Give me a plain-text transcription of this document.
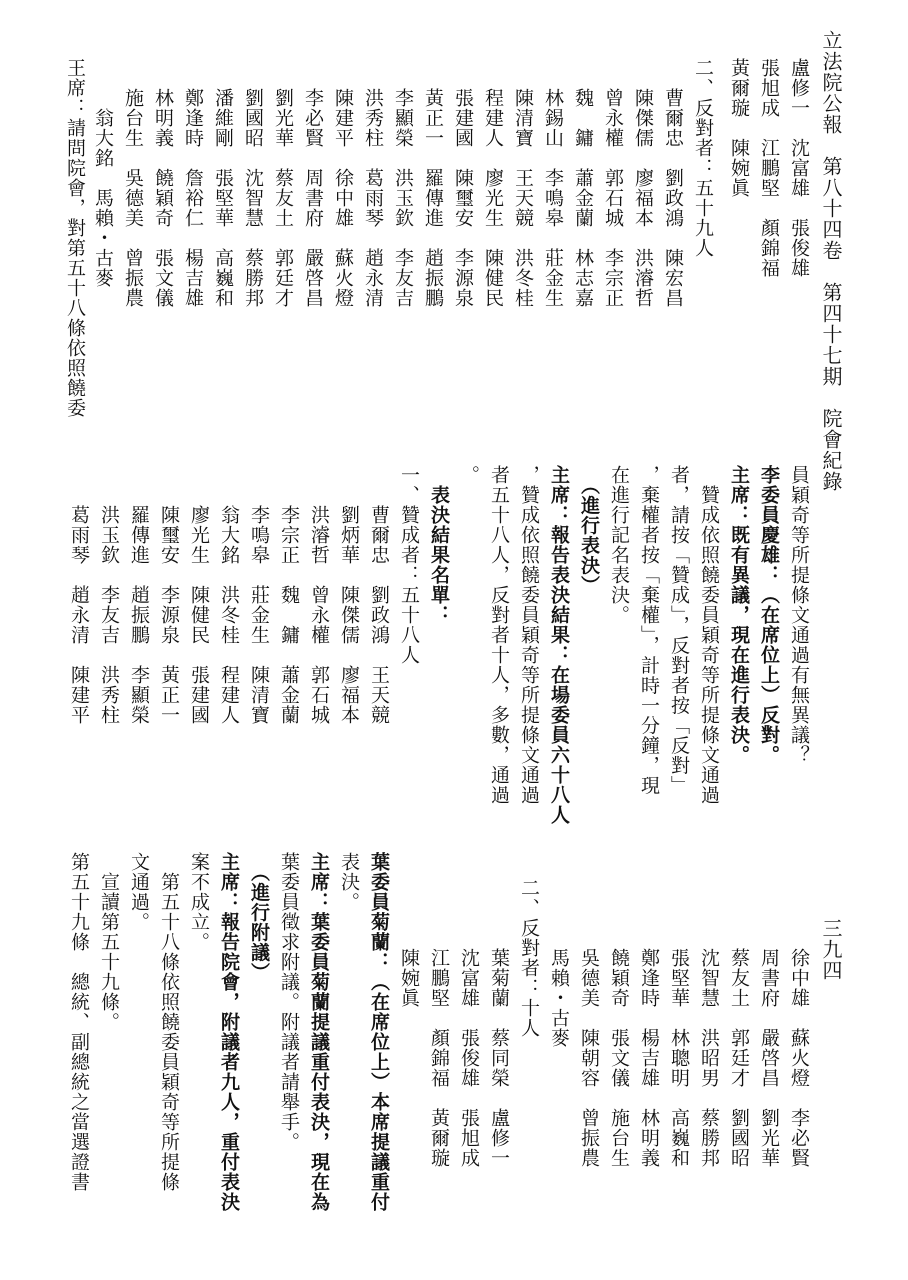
立法院公報　第八十四卷　第四十七期　院會紀錄
三九四
盧修一　沈富雄　張俊雄
張旭成　江鵬堅　顏錦福
黃爾璇　陳婉眞
二、反對者：五十九人
曹爾忠　劉政鴻　陳宏昌
陳傑儒　廖福本　洪濬哲
曾永權　郭石城　李宗正
魏　鏞　蕭金蘭　林志嘉
林錫山　李鳴皋　莊金生
陳清寶　王天競　洪冬桂
程建人　廖光生　陳健民
張建國　陳璽安　李源泉
黃正一　羅傳進　趙振鵬
李顯榮　洪玉欽　李友吉
洪秀柱　葛雨琴　趙永清
陳建平　徐中雄　蘇火燈
李必賢　周書府　嚴啓昌
劉光華　蔡友土　郭廷才
劉國昭　沈智慧　蔡勝邦
潘維剛　張堅華　高巍和
鄭逢時　詹裕仁　楊吉雄
林明義　饒穎奇　張文儀
施台生　吳德美　曾振農
　翁大銘　馬賴・古麥
王席：請問院會，對第五十八條依照饒委
員穎奇等所提條文通過有無異議？
李委員慶雄：（在席位上）反對。
主席：既有異議，現在進行表決。
　贊成依照饒委員穎奇等所提條文通過
者，請按「贊成」，反對者按「反對」
，棄權者按「棄權」，計時一分鐘，現
在進行記名表決。
　（進行表決）
主席：報告表決結果：在場委員六十八人
，贊成依照饒委員穎奇等所提條文通過
者五十八人，反對者十人，多數，通過
。
　表決結果名單：
一、贊成者：五十八人
　　曹爾忠　劉政鴻　王天競
　　劉炳華　陳傑儒　廖福本
　　洪濬哲　曾永權　郭石城
　　李宗正　魏　鏞　蕭金蘭
　　李鳴皋　莊金生　陳清寶
　　翁大銘　洪冬桂　程建人
　　廖光生　陳健民　張建國
　　陳璽安　李源泉　黃正一
　　羅傳進　趙振鵬　李顯榮
　　洪玉欽　李友吉　洪秀柱
　　葛雨琴　趙永清　陳建平
　　徐中雄　蘇火燈　李必賢
　　周書府　嚴啓昌　劉光華
　　蔡友土　郭廷才　劉國昭
　　沈智慧　洪昭男　蔡勝邦
　　張堅華　林聰明　高巍和
　　鄭逢時　楊吉雄　林明義
　　饒穎奇　張文儀　施台生
　　吳德美　陳朝容　曾振農
　　馬賴・古麥
二、反對者：十人
　　葉菊蘭　蔡同榮　盧修一
　　沈富雄　張俊雄　張旭成
　　江鵬堅　顏錦福　黃爾璇
　　陳婉眞
葉委員菊蘭：（在席位上）本席提議重付
表決。
主席：葉委員菊蘭提議重付表決，現在為
葉委員徵求附議。附議者請舉手。
　（進行附議）
主席：報告院會，附議者九人，重付表決
案不成立。
　第五十八條依照饒委員穎奇等所提條
文通過。
　宣讀第五十九條。
第五十九條　總統、副總統之當選證書
